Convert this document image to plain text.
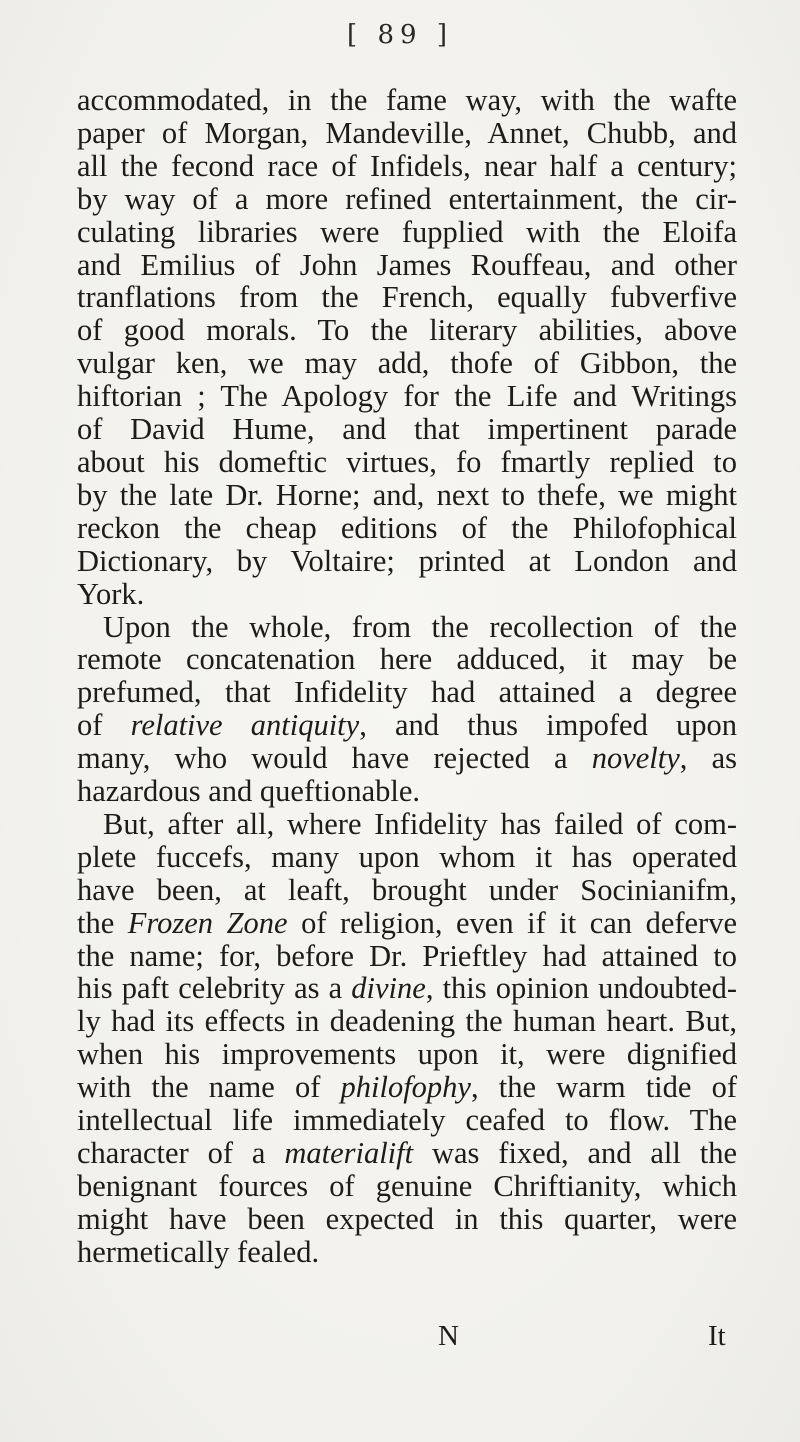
[ 89 ]
accommodated, in the fame way, with the wafte
paper of Morgan, Mandeville, Annet, Chubb, and
all the fecond race of Infidels, near half a century;
by way of a more refined entertainment, the cir-
culating libraries were fupplied with the Eloifa
and Emilius of John James Rouffeau, and other
tranflations from the French, equally fubverfive
of good morals. To the literary abilities, above
vulgar ken, we may add, thofe of Gibbon, the
hiftorian ; The Apology for the Life and Writings
of David Hume, and that impertinent parade
about his domeftic virtues, fo fmartly replied to
by the late Dr. Horne; and, next to thefe, we might
reckon the cheap editions of the Philofophical
Dictionary, by Voltaire; printed at London and
York.
Upon the whole, from the recollection of the
remote concatenation here adduced, it may be
prefumed, that Infidelity had attained a degree
of relative antiquity, and thus impofed upon
many, who would have rejected a novelty, as
hazardous and queftionable.
But, after all, where Infidelity has failed of com-
plete fuccefs, many upon whom it has operated
have been, at leaft, brought under Socinianifm,
the Frozen Zone of religion, even if it can deferve
the name; for, before Dr. Prieftley had attained to
his paft celebrity as a divine, this opinion undoubted-
ly had its effects in deadening the human heart. But,
when his improvements upon it, were dignified
with the name of philofophy, the warm tide of
intellectual life immediately ceafed to flow. The
character of a materialift was fixed, and all the
benignant fources of genuine Chriftianity, which
might have been expected in this quarter, were
hermetically fealed.
N	It
